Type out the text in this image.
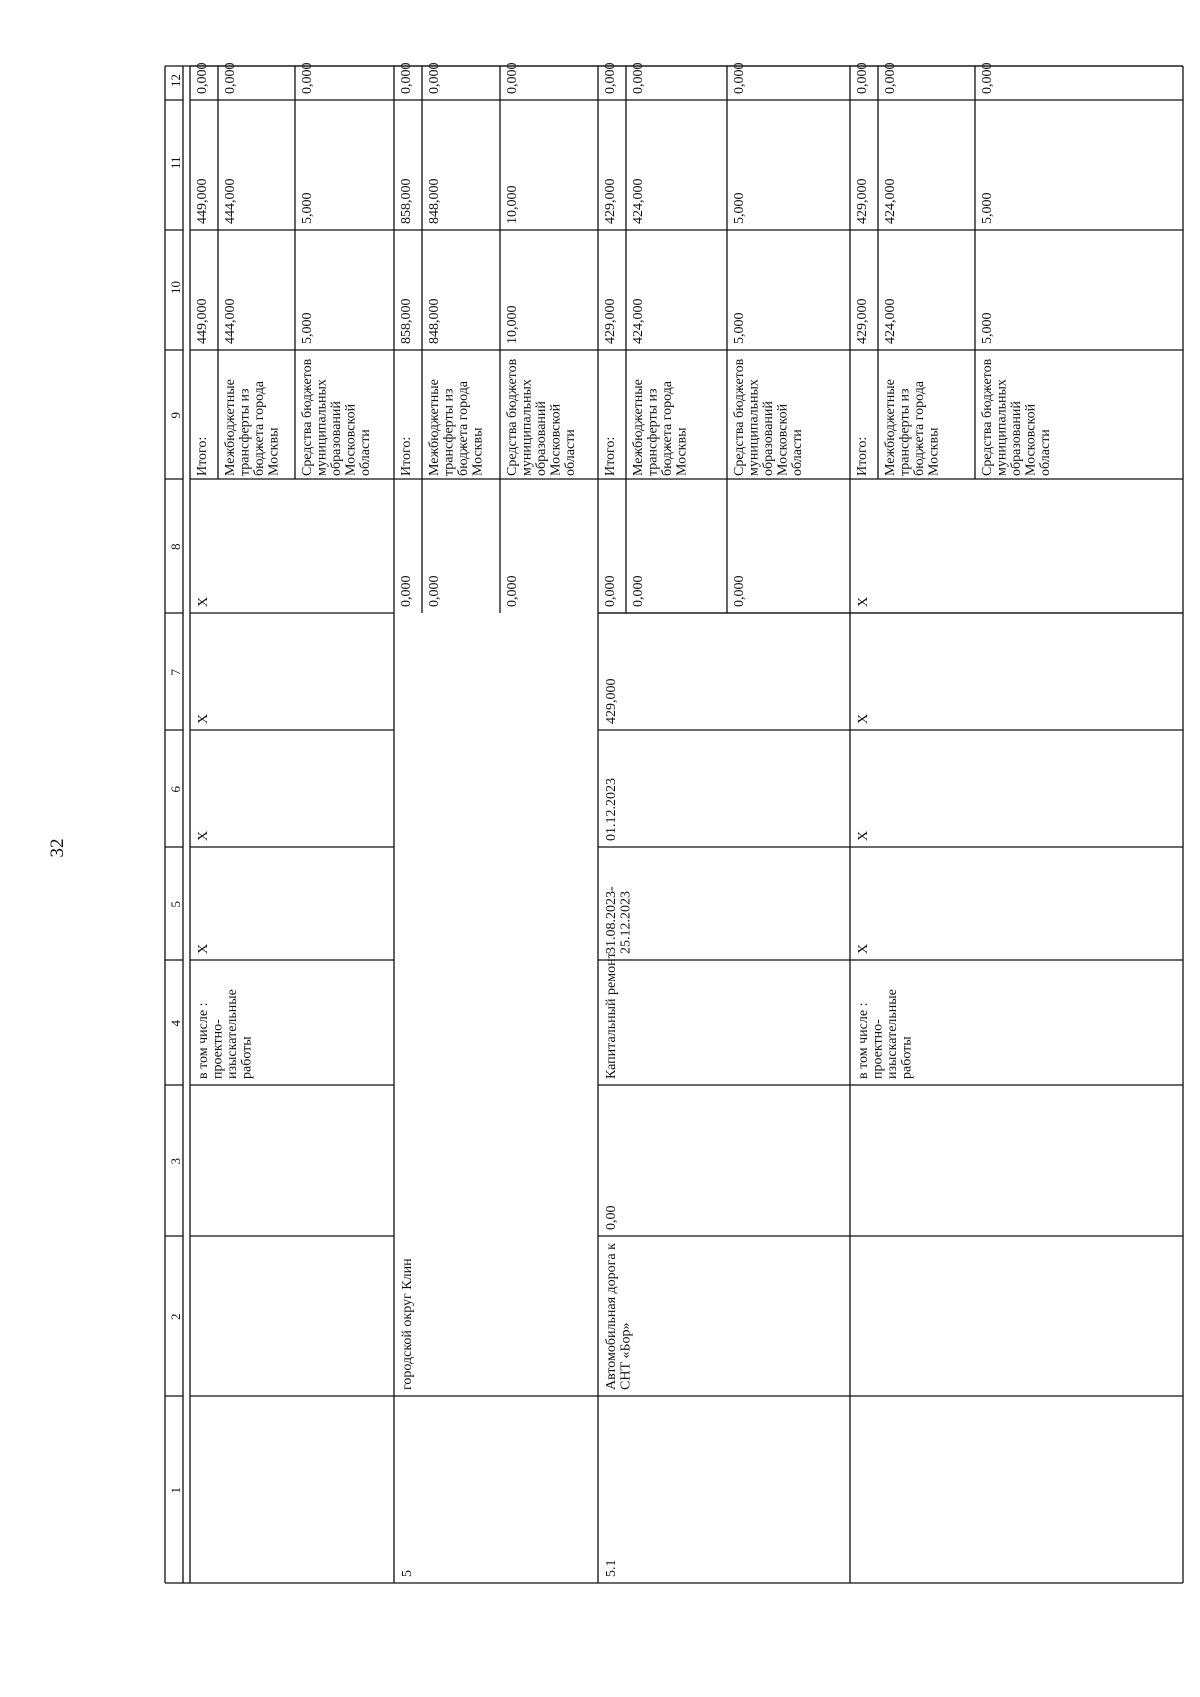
32
1
2
3
4
5
6
7
8
9
10
11
12
в том числе :проектно-изыскательныеработы
X
X
X
X
Итого:
449,000
449,000
0,000
Межбюджетныетрансферты избюджета городаМосквы
444,000
444,000
0,000
Средства бюджетовмуниципальныхобразованийМосковскойобласти
5,000
5,000
0,000
5
городской округ Клин
0,000
Итого:
858,000
858,000
0,000
0,000
Межбюджетныетрансферты избюджета городаМосквы
848,000
848,000
0,000
0,000
Средства бюджетовмуниципальныхобразованийМосковскойобласти
10,000
10,000
0,000
5.1
Автомобильная дорога кСНТ «Бор»
0,00
Капитальный ремонт
31.08.2023-25.12.2023
01.12.2023
429,000
0,000
Итого:
429,000
429,000
0,000
0,000
Межбюджетныетрансферты избюджета городаМосквы
424,000
424,000
0,000
0,000
Средства бюджетовмуниципальныхобразованийМосковскойобласти
5,000
5,000
0,000
в том числе :проектно-изыскательныеработы
X
X
X
X
Итого:
429,000
429,000
0,000
Межбюджетныетрансферты избюджета городаМосквы
424,000
424,000
0,000
Средства бюджетовмуниципальныхобразованийМосковскойобласти
5,000
5,000
0,000
